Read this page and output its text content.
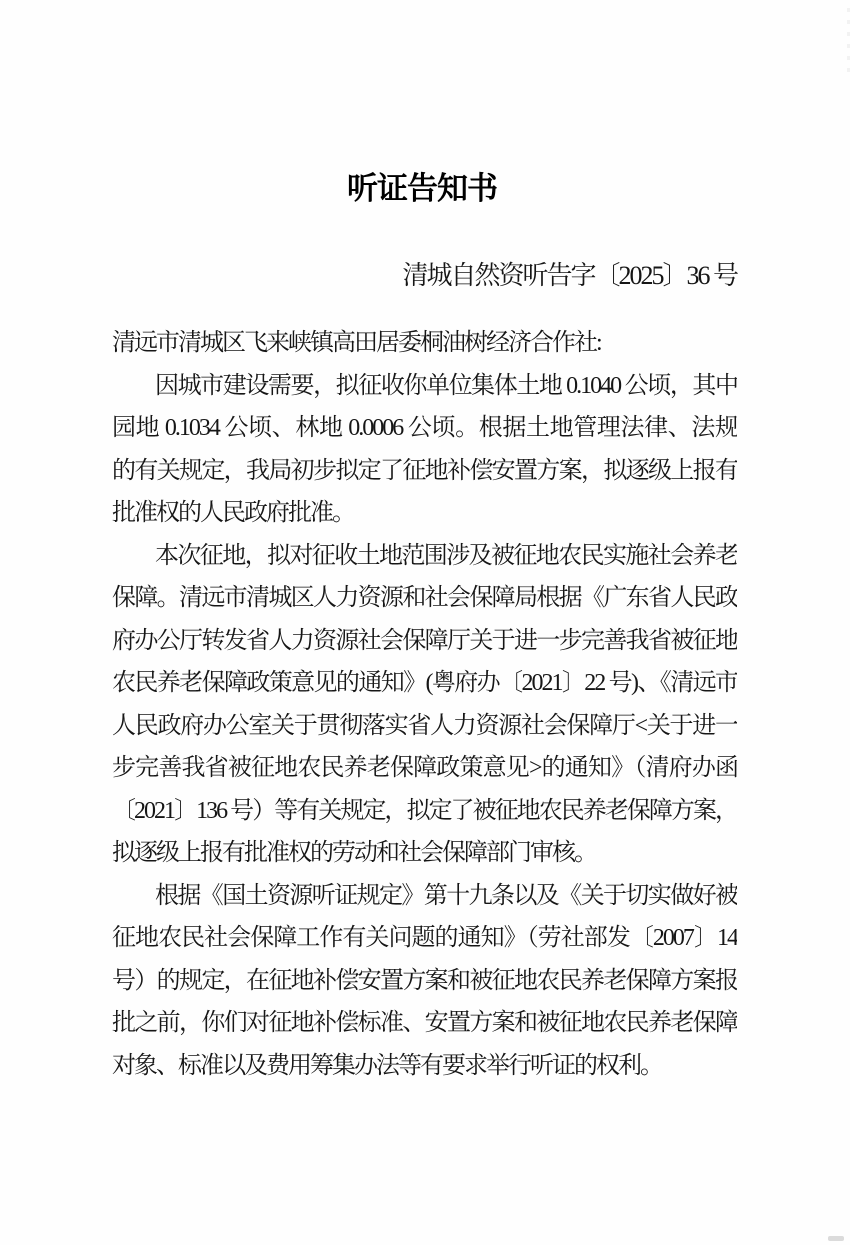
听证告知书
清城自然资听告字〔2025〕36 号
清远市清城区飞来峡镇高田居委桐油树经济合作社:
因城市建设需要，拟征收你单位集体土地 0.1040 公顷，其中
园地 0.1034 公顷、林地 0.0006 公顷。根据土地管理法律、法规
的有关规定，我局初步拟定了征地补偿安置方案，拟逐级上报有
批准权的人民政府批准。
本次征地，拟对征收土地范围涉及被征地农民实施社会养老
保障。清远市清城区人力资源和社会保障局根据《广东省人民政
府办公厅转发省人力资源社会保障厅关于进一步完善我省被征地
农民养老保障政策意见的通知》(粤府办〔2021〕22 号)、《清远市
人民政府办公室关于贯彻落实省人力资源社会保障厅<关于进一
步完善我省被征地农民养老保障政策意见>的通知》（清府办函
〔2021〕136 号）等有关规定，拟定了被征地农民养老保障方案，
拟逐级上报有批准权的劳动和社会保障部门审核。
根据《国土资源听证规定》第十九条以及《关于切实做好被
征地农民社会保障工作有关问题的通知》（劳社部发〔2007〕14
号）的规定，在征地补偿安置方案和被征地农民养老保障方案报
批之前，你们对征地补偿标准、安置方案和被征地农民养老保障
对象、标准以及费用筹集办法等有要求举行听证的权利。
